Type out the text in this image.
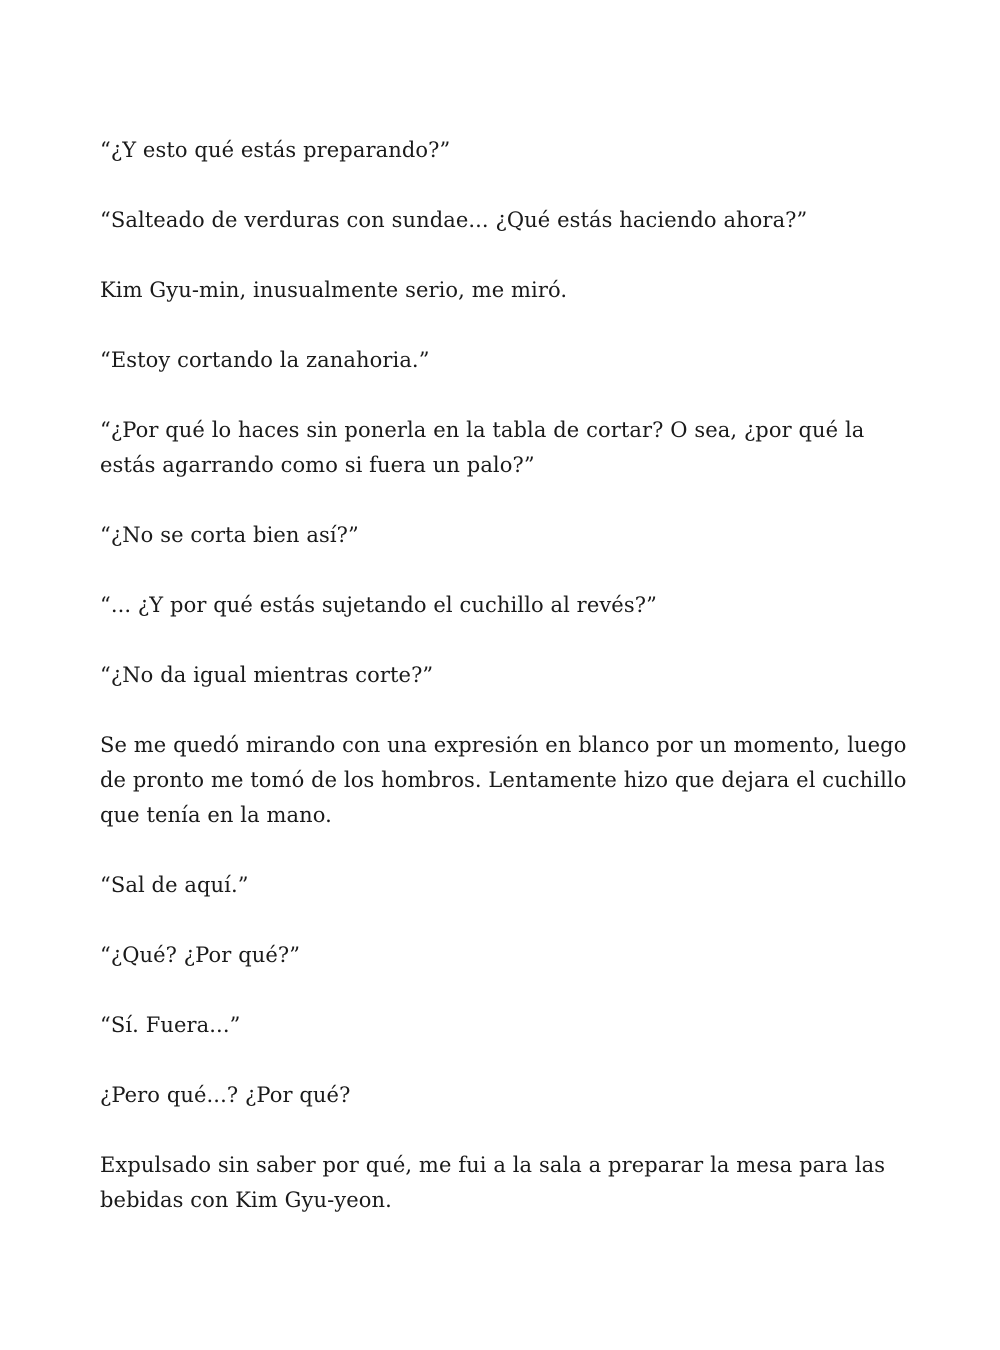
“¿Y esto qué estás preparando?”

“Salteado de verduras con sundae... ¿Qué estás haciendo ahora?”

Kim Gyu-min, inusualmente serio, me miró.

“Estoy cortando la zanahoria.”

“¿Por qué lo haces sin ponerla en la tabla de cortar? O sea, ¿por qué la estás agarrando como si fuera un palo?”

“¿No se corta bien así?”

“... ¿Y por qué estás sujetando el cuchillo al revés?”

“¿No da igual mientras corte?”

Se me quedó mirando con una expresión en blanco por un momento, luego de pronto me tomó de los hombros. Lentamente hizo que dejara el cuchillo que tenía en la mano.

“Sal de aquí.”

“¿Qué? ¿Por qué?”

“Sí. Fuera...”

¿Pero qué...? ¿Por qué?

Expulsado sin saber por qué, me fui a la sala a preparar la mesa para las bebidas con Kim Gyu-yeon.
